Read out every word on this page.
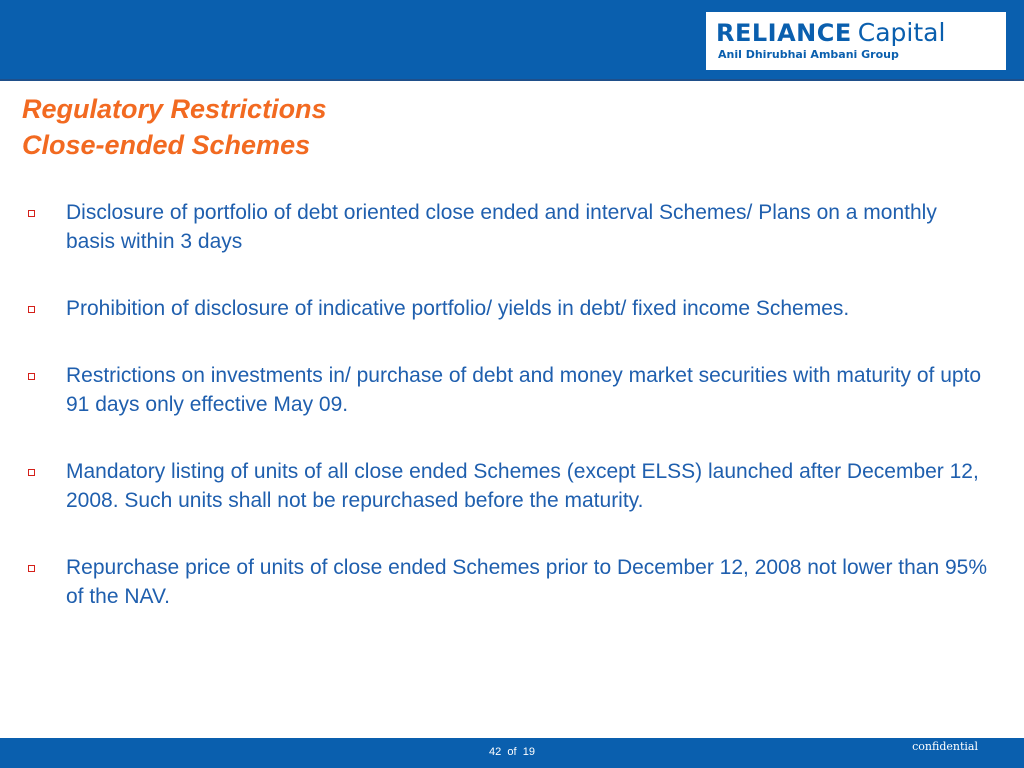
RELIANCE Capital
Anil Dhirubhai Ambani Group
Regulatory Restrictions
Close-ended Schemes
Disclosure of portfolio of debt oriented close ended and interval Schemes/ Plans on a monthly basis within 3 days
Prohibition of disclosure of indicative portfolio/ yields in debt/ fixed income Schemes.
Restrictions on investments in/ purchase of debt and money market securities with maturity of upto 91 days only effective May 09.
Mandatory listing of units of all close ended Schemes (except ELSS) launched after December 12, 2008. Such units shall not be repurchased before the maturity.
Repurchase price of units of close ended Schemes prior to December 12, 2008 not lower than 95% of the NAV.
42 of 19	confidential
